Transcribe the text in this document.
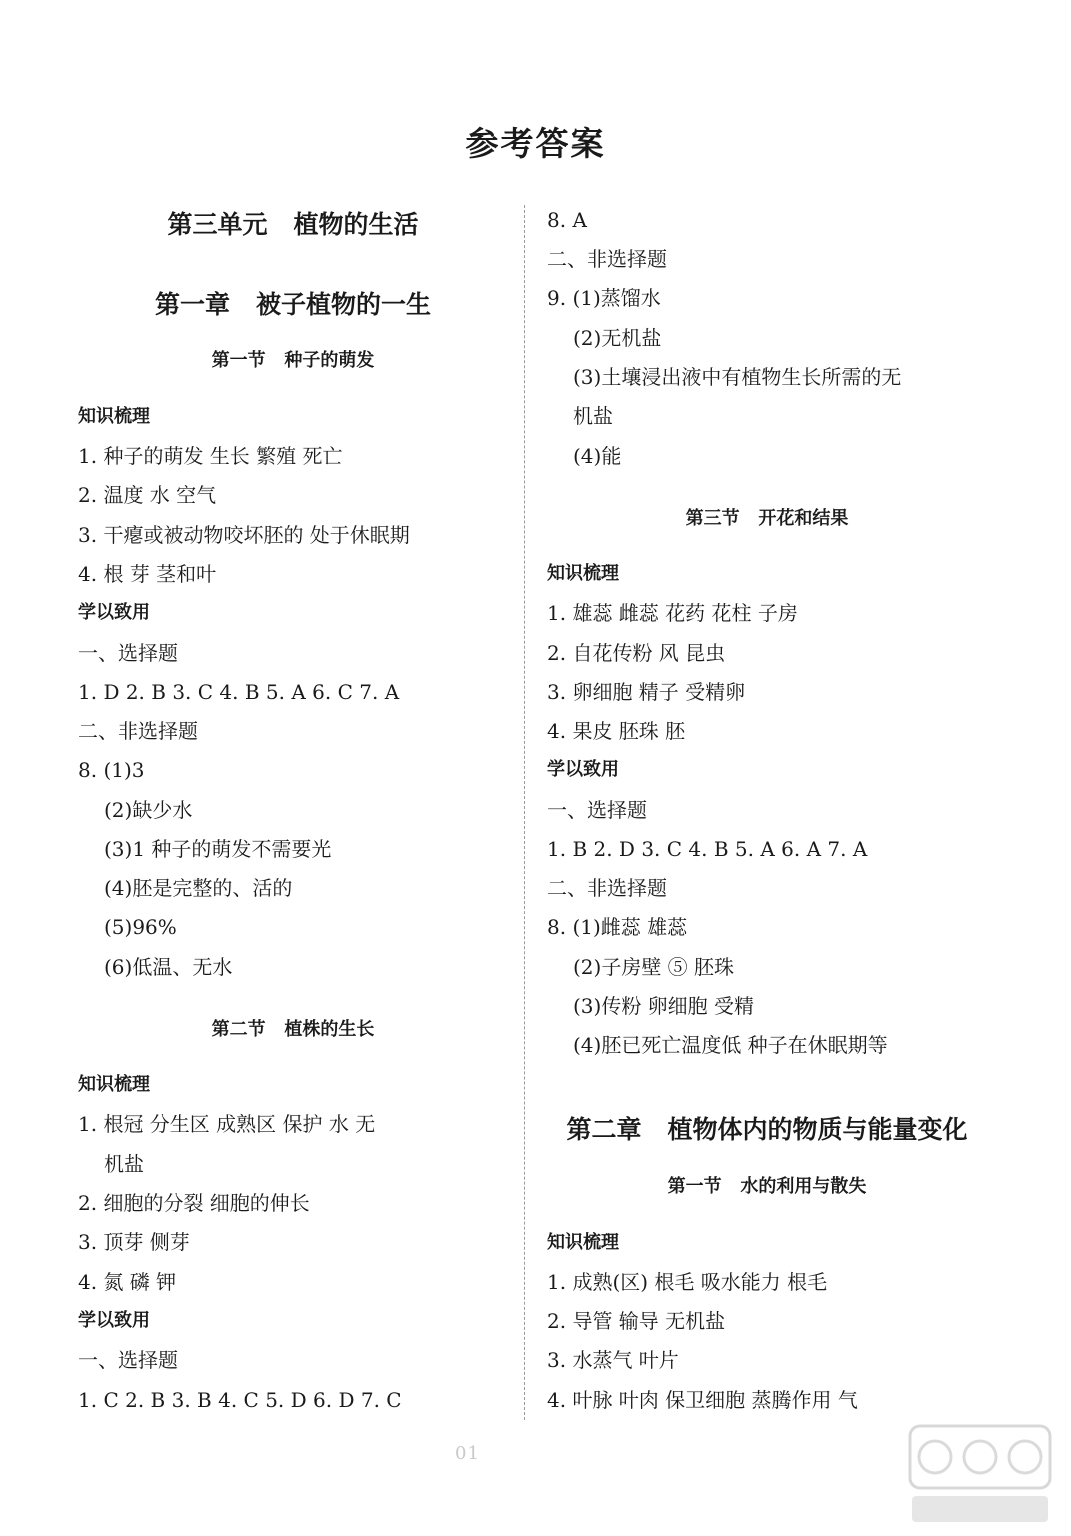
参考答案
第三单元   植物的生活
第一章   被子植物的一生
第一节   种子的萌发
知识梳理
1. 种子的萌发 生长 繁殖 死亡
2. 温度 水 空气
3. 干瘪或被动物咬坏胚的 处于休眠期
4. 根 芽 茎和叶
学以致用
一、选择题
1. D 2. B 3. C 4. B 5. A 6. C 7. A
二、非选择题
8. (1)3
(2)缺少水
(3)1 种子的萌发不需要光
(4)胚是完整的、活的
(5)96%
(6)低温、无水
第二节   植株的生长
知识梳理
1. 根冠 分生区 成熟区 保护 水 无
机盐
2. 细胞的分裂 细胞的伸长
3. 顶芽 侧芽
4. 氮 磷 钾
学以致用
一、选择题
1. C 2. B 3. B 4. C 5. D 6. D 7. C
8. A
二、非选择题
9. (1)蒸馏水
(2)无机盐
(3)土壤浸出液中有植物生长所需的无
机盐
(4)能
第三节   开花和结果
知识梳理
1. 雄蕊 雌蕊 花药 花柱 子房
2. 自花传粉 风 昆虫
3. 卵细胞 精子 受精卵
4. 果皮 胚珠 胚
学以致用
一、选择题
1. B 2. D 3. C 4. B 5. A 6. A 7. A
二、非选择题
8. (1)雌蕊 雄蕊
(2)子房壁 ⑤ 胚珠
(3)传粉 卵细胞 受精
(4)胚已死亡温度低 种子在休眠期等
第二章   植物体内的物质与能量变化
第一节   水的利用与散失
知识梳理
1. 成熟(区) 根毛 吸水能力 根毛
2. 导管 输导 无机盐
3. 水蒸气 叶片
4. 叶脉 叶肉 保卫细胞 蒸腾作用 气
01
